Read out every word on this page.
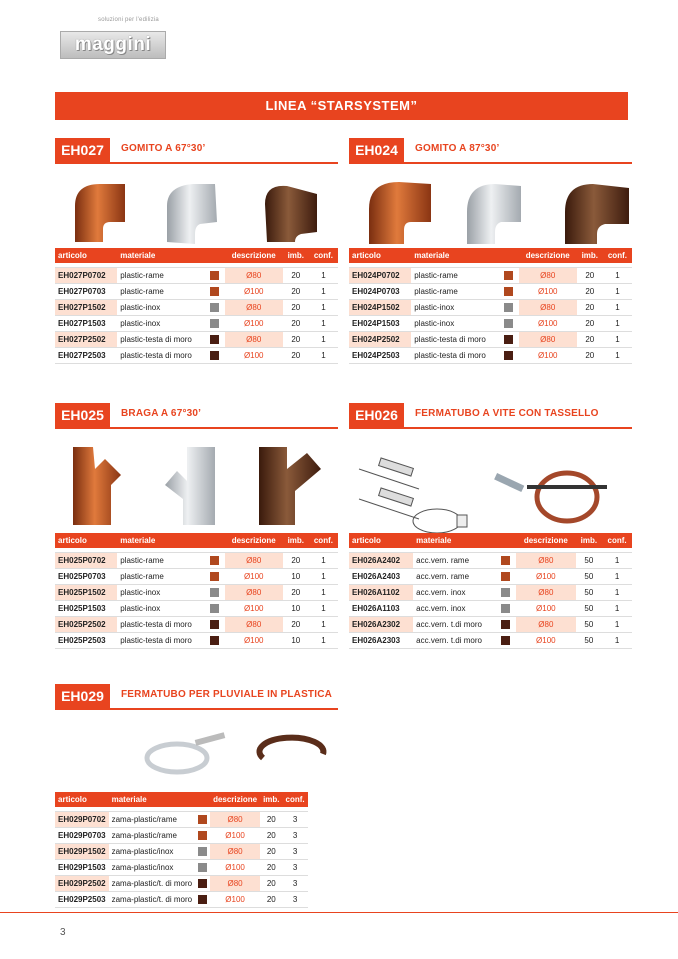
soluzioni per l'edilizia
maggini
LINEA “STARSYSTEM”
EH027	GOMITO A 67°30’
articolo	materiale		descrizione	imb.	conf.

EH027P0702	plastic-rame		Ø80	20	1
EH027P0703	plastic-rame		Ø100	20	1
EH027P1502	plastic-inox		Ø80	20	1
EH027P1503	plastic-inox		Ø100	20	1
EH027P2502	plastic-testa di moro		Ø80	20	1
EH027P2503	plastic-testa di moro		Ø100	20	1
EH024	GOMITO A 87°30’
articolo	materiale		descrizione	imb.	conf.

EH024P0702	plastic-rame		Ø80	20	1
EH024P0703	plastic-rame		Ø100	20	1
EH024P1502	plastic-inox		Ø80	20	1
EH024P1503	plastic-inox		Ø100	20	1
EH024P2502	plastic-testa di moro		Ø80	20	1
EH024P2503	plastic-testa di moro		Ø100	20	1
EH025	BRAGA A 67°30’
articolo	materiale		descrizione	imb.	conf.

EH025P0702	plastic-rame		Ø80	20	1
EH025P0703	plastic-rame		Ø100	10	1
EH025P1502	plastic-inox		Ø80	20	1
EH025P1503	plastic-inox		Ø100	10	1
EH025P2502	plastic-testa di moro		Ø80	20	1
EH025P2503	plastic-testa di moro		Ø100	10	1
EH026	FERMATUBO A VITE CON TASSELLO
articolo	materiale		descrizione	imb.	conf.

EH026A2402	acc.vern. rame		Ø80	50	1
EH026A2403	acc.vern. rame		Ø100	50	1
EH026A1102	acc.vern. inox		Ø80	50	1
EH026A1103	acc.vern. inox		Ø100	50	1
EH026A2302	acc.vern. t.di moro		Ø80	50	1
EH026A2303	acc.vern. t.di moro		Ø100	50	1
EH029	FERMATUBO PER PLUVIALE IN PLASTICA
articolo	materiale		descrizione	imb.	conf.

EH029P0702	zama-plastic/rame		Ø80	20	3
EH029P0703	zama-plastic/rame		Ø100	20	3
EH029P1502	zama-plastic/inox		Ø80	20	3
EH029P1503	zama-plastic/inox		Ø100	20	3
EH029P2502	zama-plastic/t. di moro		Ø80	20	3
EH029P2503	zama-plastic/t. di moro		Ø100	20	3
3
